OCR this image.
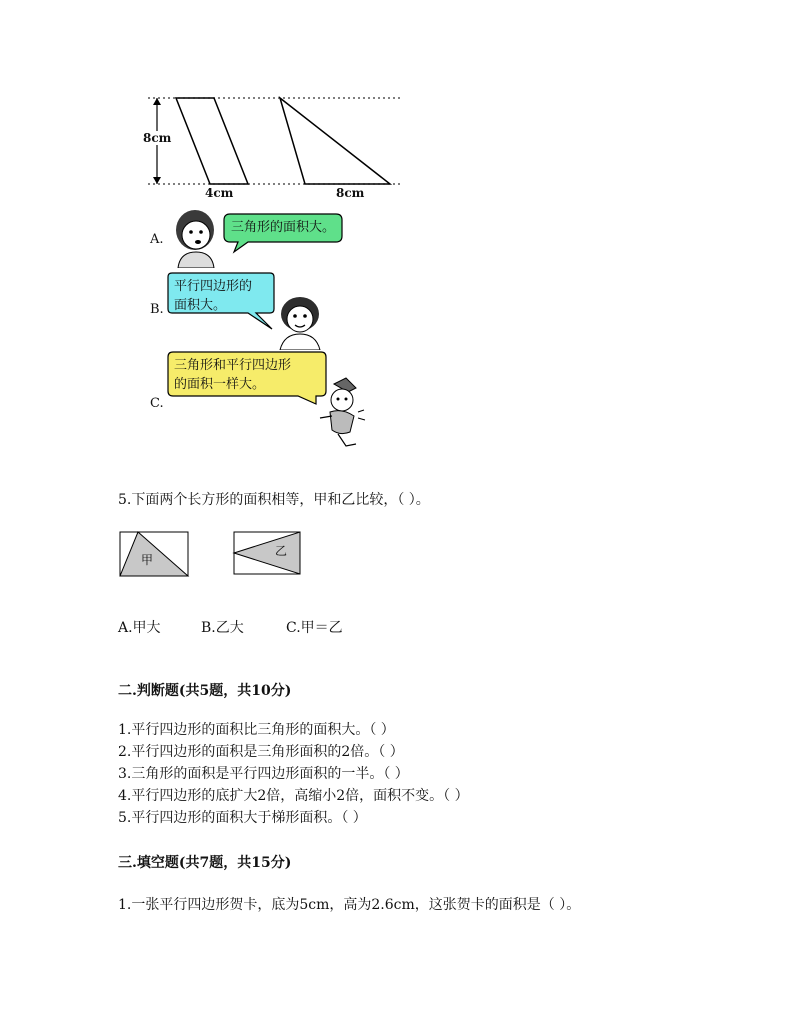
8cm
4cm	8cm
A.
三角形的面积大。
平行四边形的
面积大。
B.
三角形和平行四边形
的面积一样大。
C.
5.下面两个长方形的面积相等，甲和乙比较，（ ）。
甲
乙
A.甲大	B.乙大	C.甲＝乙
二.判断题(共5题，共10分)
1.平行四边形的面积比三角形的面积大。（ ）
2.平行四边形的面积是三角形面积的2倍。（ ）
3.三角形的面积是平行四边形面积的一半。（ ）
4.平行四边形的底扩大2倍，高缩小2倍，面积不变。（ ）
5.平行四边形的面积大于梯形面积。（ ）
三.填空题(共7题，共15分)
1.一张平行四边形贺卡，底为5cm，高为2.6cm，这张贺卡的面积是（ ）。
